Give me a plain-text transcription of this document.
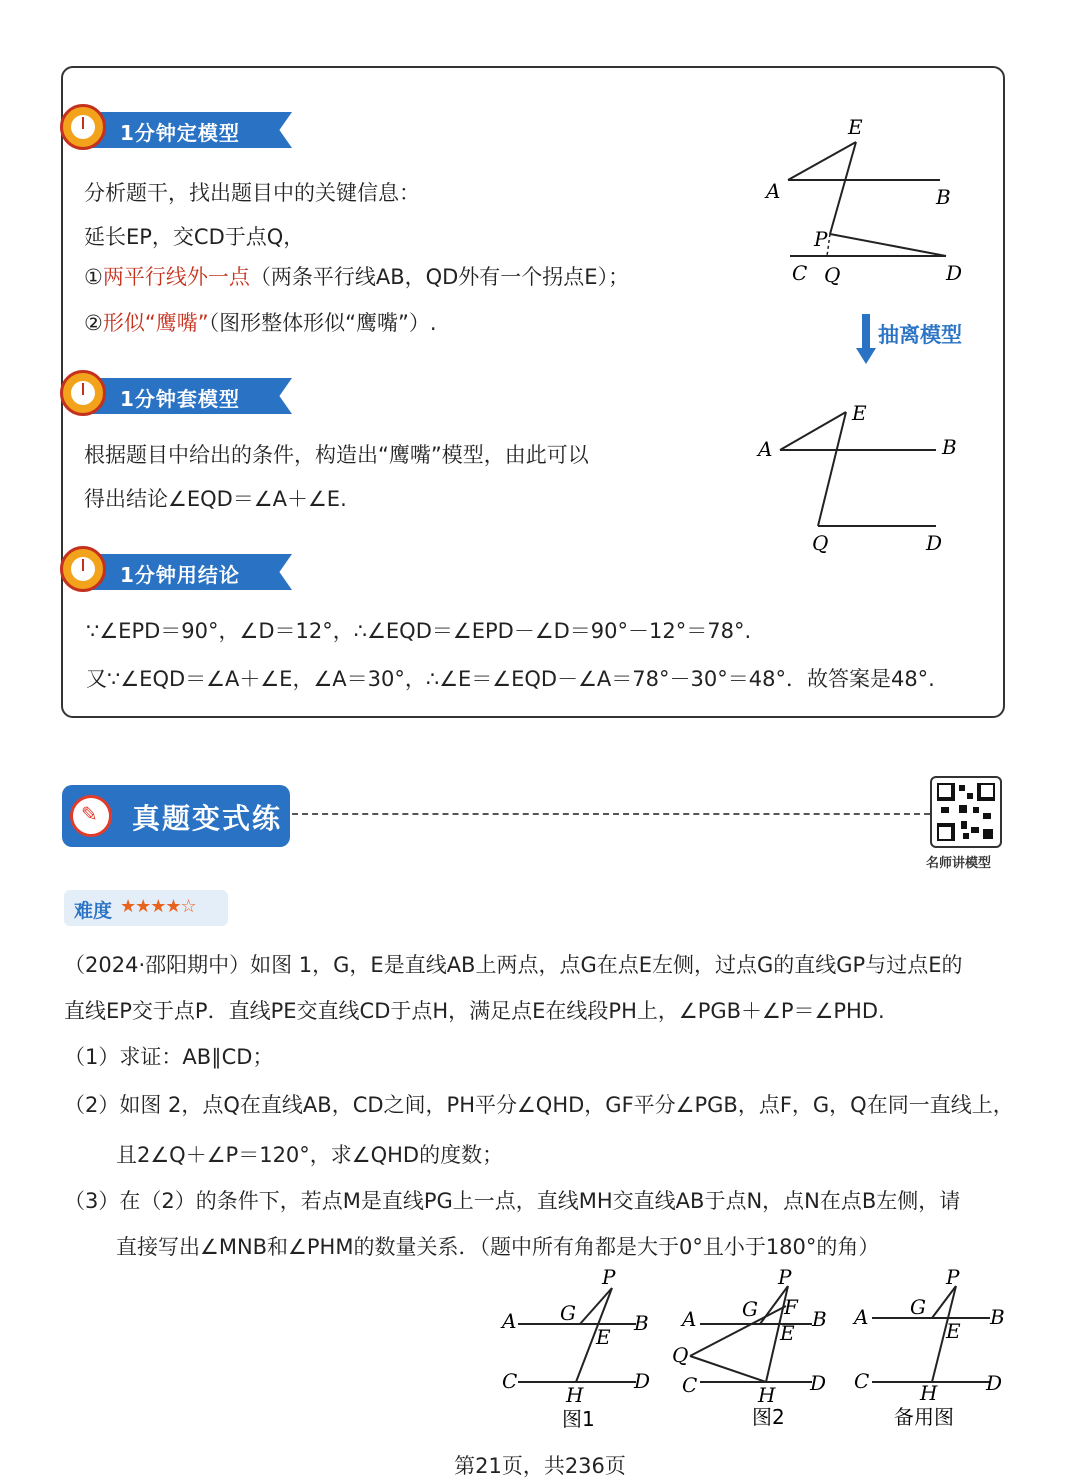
1分钟定模型
分析题干，找出题目中的关键信息：
延长EP，交CD于点Q，
①两平行线外一点（两条平行线AB，QD外有一个拐点E）；
②形似“鹰嘴”（图形整体形似“鹰嘴”）.
1分钟套模型
根据题目中给出的条件，构造出“鹰嘴”模型，由此可以
得出结论∠EQD＝∠A＋∠E.
1分钟用结论
∵∠EPD＝90°，∠D＝12°，∴∠EQD＝∠EPD－∠D＝90°－12°＝78°.
又∵∠EQD＝∠A＋∠E，∠A＝30°，∴∠E＝∠EQD－∠A＝78°－30°＝48°．故答案是48°.
E
A	B
P
C Q	D
抽离模型
E
A	B
Q	D
✎ 真题变式练
名师讲模型
难度 ★★★★☆
（2024·邵阳期中）如图 1，G，E是直线AB上两点，点G在点E左侧，过点G的直线GP与过点E的
直线EP交于点P．直线PE交直线CD于点H，满足点E在线段PH上，∠PGB＋∠P＝∠PHD.
（1）求证：AB∥CD；
（2）如图 2，点Q在直线AB，CD之间，PH平分∠QHD，GF平分∠PGB，点F，G，Q在同一直线上，
且2∠Q＋∠P＝120°，求∠QHD的度数；
（3）在（2）的条件下，若点M是直线PG上一点，直线MH交直线AB于点N，点N在点B左侧，请
直接写出∠MNB和∠PHM的数量关系．（题中所有角都是大于0°且小于180°的角）
P
G
A	B
E
C	D
H
图1
P
G F
A	B
E
Q
C	D
H
图2
P
G
A	B
E
C	D
H
备用图
第21页，共236页
